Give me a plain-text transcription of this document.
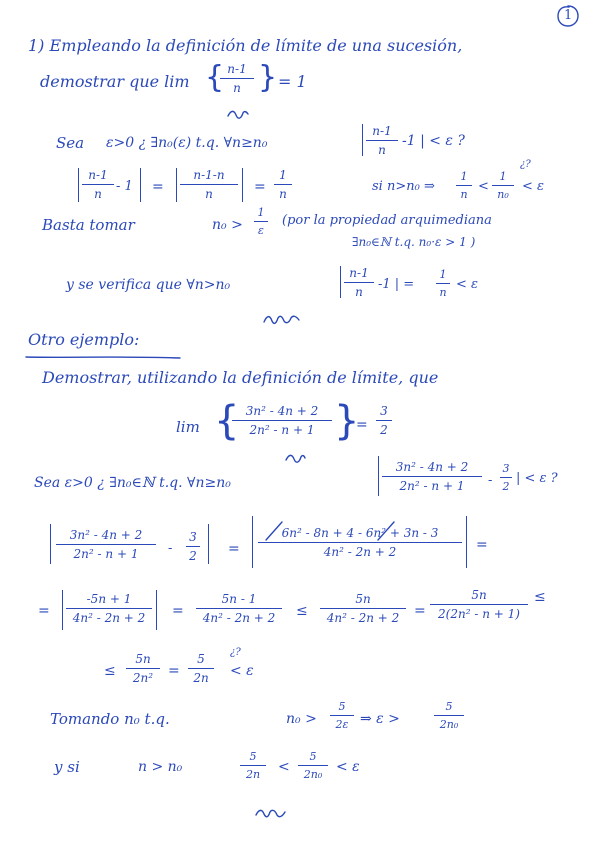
1
1) Empleando la definición de límite de una sucesión,
demostrar que lim { n-1
n } = 1
Sea ε>0 ¿ ∃n₀(ε) t.q. ∀n≥n₀
n-1
n
-1 | < ε ?
n-1
n	- 1 =
n-1-n
n	=
1
n	si n>n₀ ⇒
1
n
<
1
n₀
¿?
< ε
Basta tomar	n₀ >
1
ε
(por la propiedad arquimediana
∃n₀∈ℕ t.q. n₀·ε > 1 )
y se verifica que ∀n>n₀
n-1
n	-1 | =
1
n
< ε
Otro ejemplo:
Demostrar, utilizando la definición de límite, que
lim { 3n² - 4n + 2
2n² - n + 1 }
=
3
2
Sea ε>0 ¿ ∃n₀∈ℕ t.q. ∀n≥n₀
3n² - 4n + 2
2n² - n + 1	-
3
2
| < ε ?
3n² - 4n + 2
2n² - n + 1	-
3
2 =
6n² - 8n + 4 - 6n² + 3n - 3
4n² - 2n + 2	=
=
-5n + 1
4n² - 2n + 2	=
5n - 1
4n² - 2n + 2	≤
5n
4n² - 2n + 2	=
5n
2(2n² - n + 1)
≤
≤
5n
2n²	=
5
2n
¿?
< ε
Tomando n₀ t.q.	n₀ >
5
2ε ⇒ ε >
5
2n₀
y si	n > n₀
5
2n	<
5
2n₀ < ε
